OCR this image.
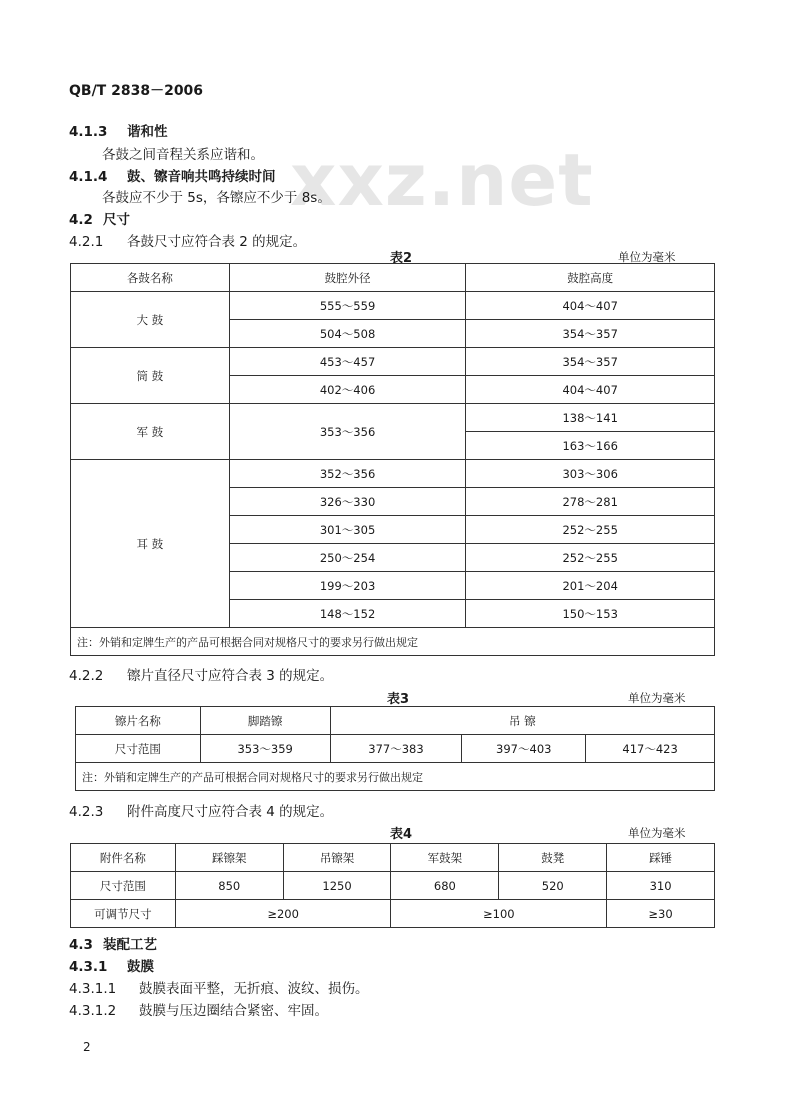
QB/T 2838－2006
xxz.net
4.1.3 谐和性
各鼓之间音程关系应谐和。
4.1.4 鼓、镲音响共鸣持续时间
各鼓应不少于 5s，各镲应不少于 8s。
4.2 尺寸
4.2.1 各鼓尺寸应符合表 2 的规定。
表2	单位为毫米
各鼓名称	鼓腔外径	鼓腔高度
大 鼓	555～559	404～407
	504～508	354～357
筒 鼓	453～457	354～357
	402～406	404～407
军 鼓	353～356	138～141
		163～166
耳 鼓	352～356	303～306
	326～330	278～281
	301～305	252～255
	250～254	252～255
	199～203	201～204
	148～152	150～153
注：外销和定牌生产的产品可根据合同对规格尺寸的要求另行做出规定		
4.2.2 镲片直径尺寸应符合表 3 的规定。
表3	单位为毫米
镲片名称	脚踏镲	吊 镲		
尺寸范围	353～359	377～383	397～403	417～423
注：外销和定牌生产的产品可根据合同对规格尺寸的要求另行做出规定				
4.2.3 附件高度尺寸应符合表 4 的规定。
表4	单位为毫米
附件名称	踩镲架	吊镲架	军鼓架	鼓凳	踩锤
尺寸范围	850	1250	680	520	310
可调节尺寸	≥200		≥100		≥30
4.3 装配工艺
4.3.1 鼓膜
4.3.1.1 鼓膜表面平整，无折痕、波纹、损伤。
4.3.1.2 鼓膜与压边圈结合紧密、牢固。
2
